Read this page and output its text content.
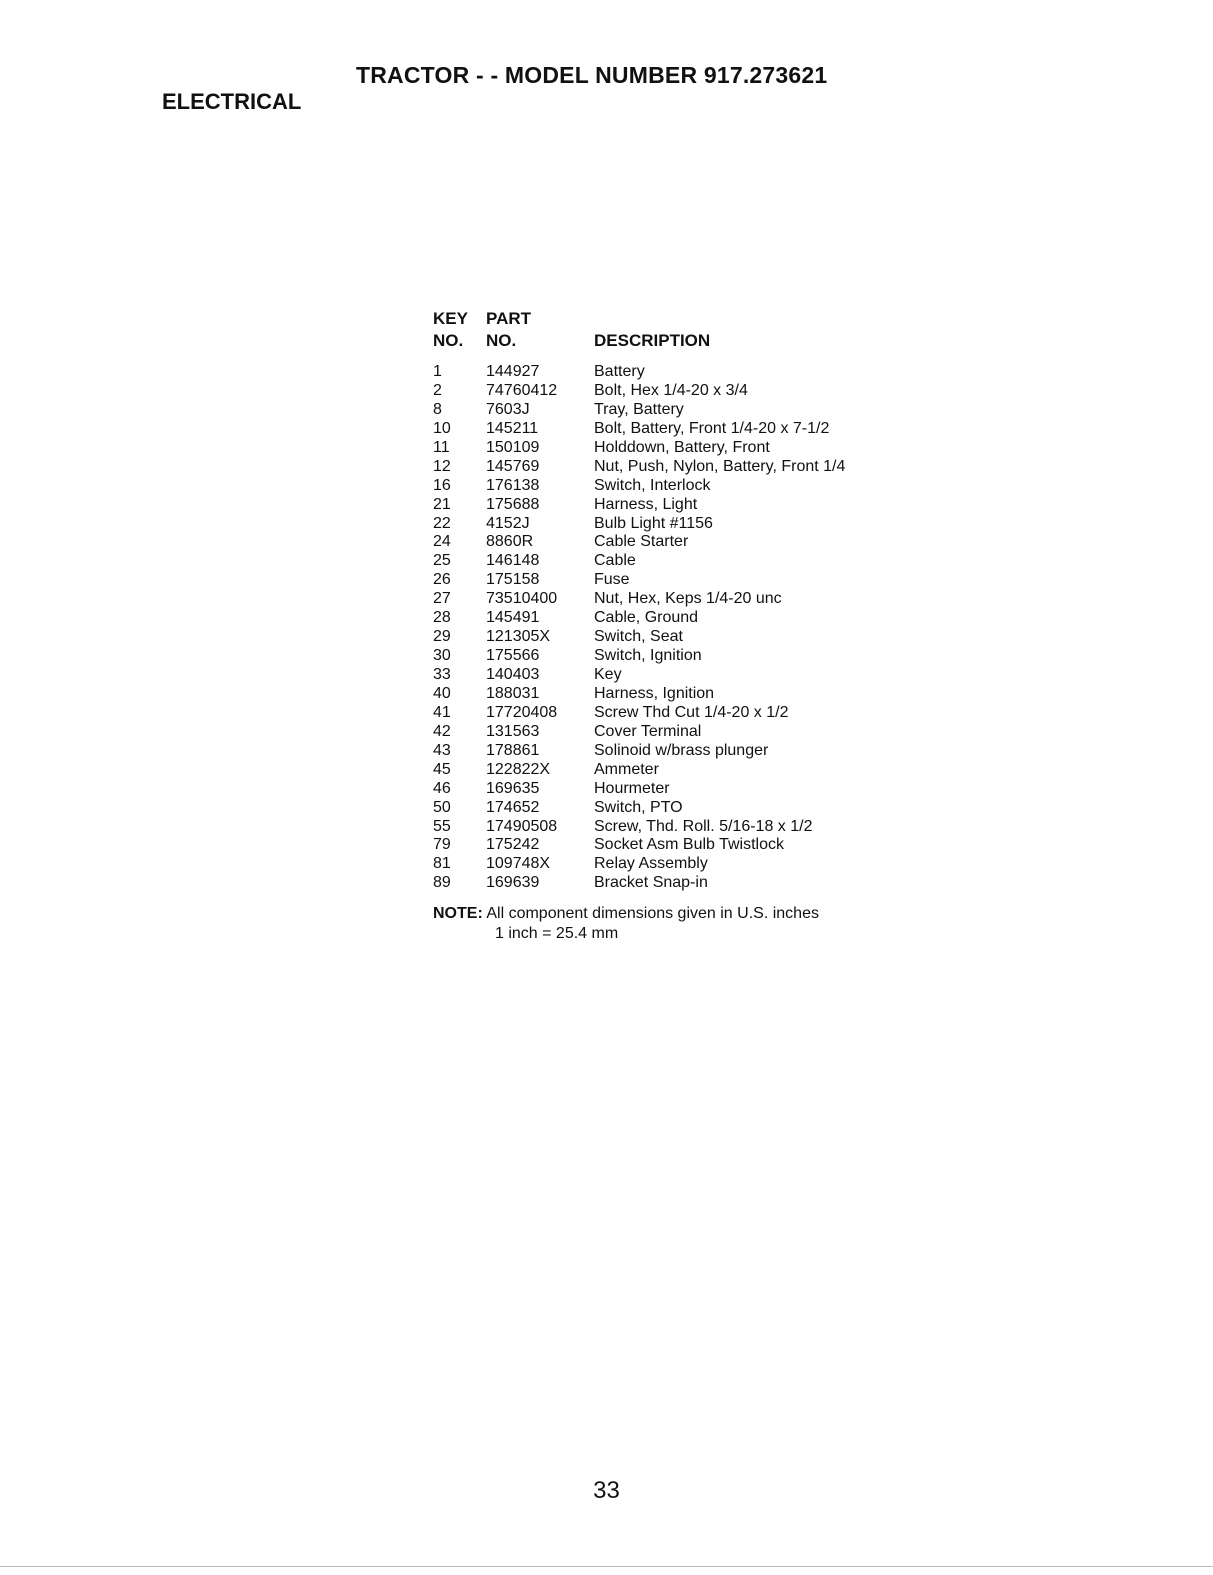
TRACTOR - - MODEL NUMBER 917.273621
ELECTRICAL
KEY
NO.
PART
NO.	DESCRIPTION
1	144927	Battery
2	74760412 Bolt, Hex 1/4-20 x 3/4
8	7603J	Tray, Battery
10	145211	Bolt, Battery, Front 1/4-20 x 7-1/2
11	150109	Holddown, Battery, Front
12	145769	Nut, Push, Nylon, Battery, Front 1/4
16	176138	Switch, Interlock
21	175688	Harness, Light
22	4152J	Bulb Light #1156
24	8860R	Cable Starter
25	146148	Cable
26	175158	Fuse
27	73510400 Nut, Hex, Keps 1/4-20 unc
28	145491	Cable, Ground
29	121305X	Switch, Seat
30	175566	Switch, Ignition
33	140403	Key
40	188031	Harness, Ignition
41	17720408 Screw Thd Cut 1/4-20 x 1/2
42	131563	Cover Terminal
43	178861	Solinoid w/brass plunger
45	122822X	Ammeter
46	169635	Hourmeter
50	174652	Switch, PTO
55	17490508 Screw, Thd. Roll. 5/16-18 x 1/2
79	175242	Socket Asm Bulb Twistlock
81	109748X	Relay Assembly
89	169639	Bracket Snap-in
NOTE: All component dimensions given in U.S. inches
1 inch = 25.4 mm
33
